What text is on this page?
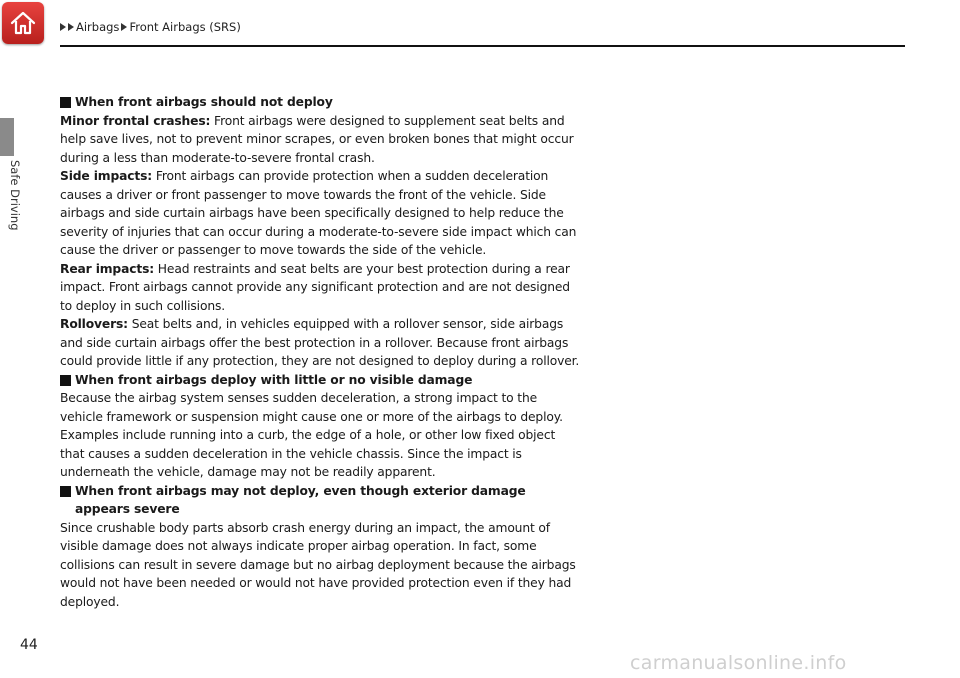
Airbags Front Airbags (SRS)
Safe Driving

When front airbags should not deploy

Minor frontal crashes: Front airbags were designed to supplement seat belts and help save lives, not to prevent minor scrapes, or even broken bones that might occur during a less than moderate-to-severe frontal crash.

Side impacts: Front airbags can provide protection when a sudden deceleration causes a driver or front passenger to move towards the front of the vehicle. Side airbags and side curtain airbags have been specifically designed to help reduce the severity of injuries that can occur during a moderate-to-severe side impact which can cause the driver or passenger to move towards the side of the vehicle.

Rear impacts: Head restraints and seat belts are your best protection during a rear impact. Front airbags cannot provide any significant protection and are not designed to deploy in such collisions.

Rollovers: Seat belts and, in vehicles equipped with a rollover sensor, side airbags and side curtain airbags offer the best protection in a rollover. Because front airbags could provide little if any protection, they are not designed to deploy during a rollover.

When front airbags deploy with little or no visible damage

Because the airbag system senses sudden deceleration, a strong impact to the vehicle framework or suspension might cause one or more of the airbags to deploy. Examples include running into a curb, the edge of a hole, or other low fixed object that causes a sudden deceleration in the vehicle chassis. Since the impact is underneath the vehicle, damage may not be readily apparent.

When front airbags may not deploy, even though exterior damage appears severe

Since crushable body parts absorb crash energy during an impact, the amount of visible damage does not always indicate proper airbag operation. In fact, some collisions can result in severe damage but no airbag deployment because the airbags would not have been needed or would not have provided protection even if they had deployed.

44
carmanualsonline.info
